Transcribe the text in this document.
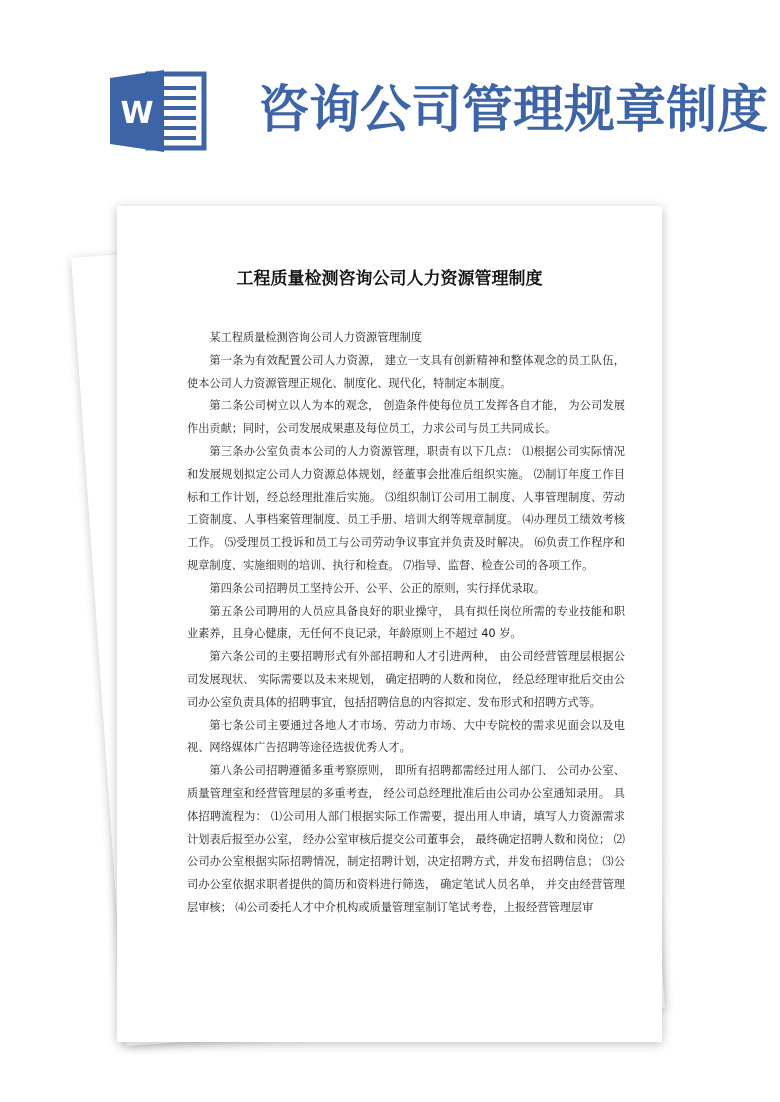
W 咨询公司管理规章制度
工程质量检测咨询公司人力资源管理制度

某工程质量检测咨询公司人力资源管理制度

第一条为有效配置公司人力资源， 建立一支具有创新精神和整体观念的员工队伍， 使本公司人力资源管理正规化、制度化、现代化，特制定本制度。

第二条公司树立以人为本的观念， 创造条件使每位员工发挥各自才能， 为公司发展作出贡献；同时，公司发展成果惠及每位员工，力求公司与员工共同成长。

第三条办公室负责本公司的人力资源管理，职责有以下几点： ⑴根据公司实际情况和发展规划拟定公司人力资源总体规划，经董事会批准后组织实施。 ⑵制订年度工作目标和工作计划，经总经理批准后实施。 ⑶组织制订公司用工制度、人事管理制度、劳动工资制度、人事档案管理制度、员工手册、培训大纲等规章制度。 ⑷办理员工绩效考核工作。 ⑸受理员工投诉和员工与公司劳动争议事宜并负责及时解决。 ⑹负责工作程序和规章制度、实施细则的培训、执行和检查。 ⑺指导、监督、检查公司的各项工作。

第四条公司招聘员工坚持公开、公平、公正的原则，实行择优录取。

第五条公司聘用的人员应具备良好的职业操守， 具有拟任岗位所需的专业技能和职业素养，且身心健康，无任何不良记录，年龄原则上不超过 40 岁。

第六条公司的主要招聘形式有外部招聘和人才引进两种， 由公司经营管理层根据公司发展现状、 实际需要以及未来规划， 确定招聘的人数和岗位， 经总经理审批后交由公司办公室负责具体的招聘事宜，包括招聘信息的内容拟定、发布形式和招聘方式等。

第七条公司主要通过各地人才市场、劳动力市场、大中专院校的需求见面会以及电视、网络媒体广告招聘等途径选拔优秀人才。

第八条公司招聘遵循多重考察原则， 即所有招聘都需经过用人部门、 公司办公室、 质量管理室和经营管理层的多重考查， 经公司总经理批准后由公司办公室通知录用。 具体招聘流程为： ⑴公司用人部门根据实际工作需要，提出用人申请，填写人力资源需求计划表后报至办公室， 经办公室审核后提交公司董事会， 最终确定招聘人数和岗位； ⑵公司办公室根据实际招聘情况，制定招聘计划，决定招聘方式，并发布招聘信息； ⑶公司办公室依据求职者提供的简历和资料进行筛选， 确定笔试人员名单， 并交由经营管理层审核； ⑷公司委托人才中介机构或质量管理室制订笔试考卷，上报经营管理层审
